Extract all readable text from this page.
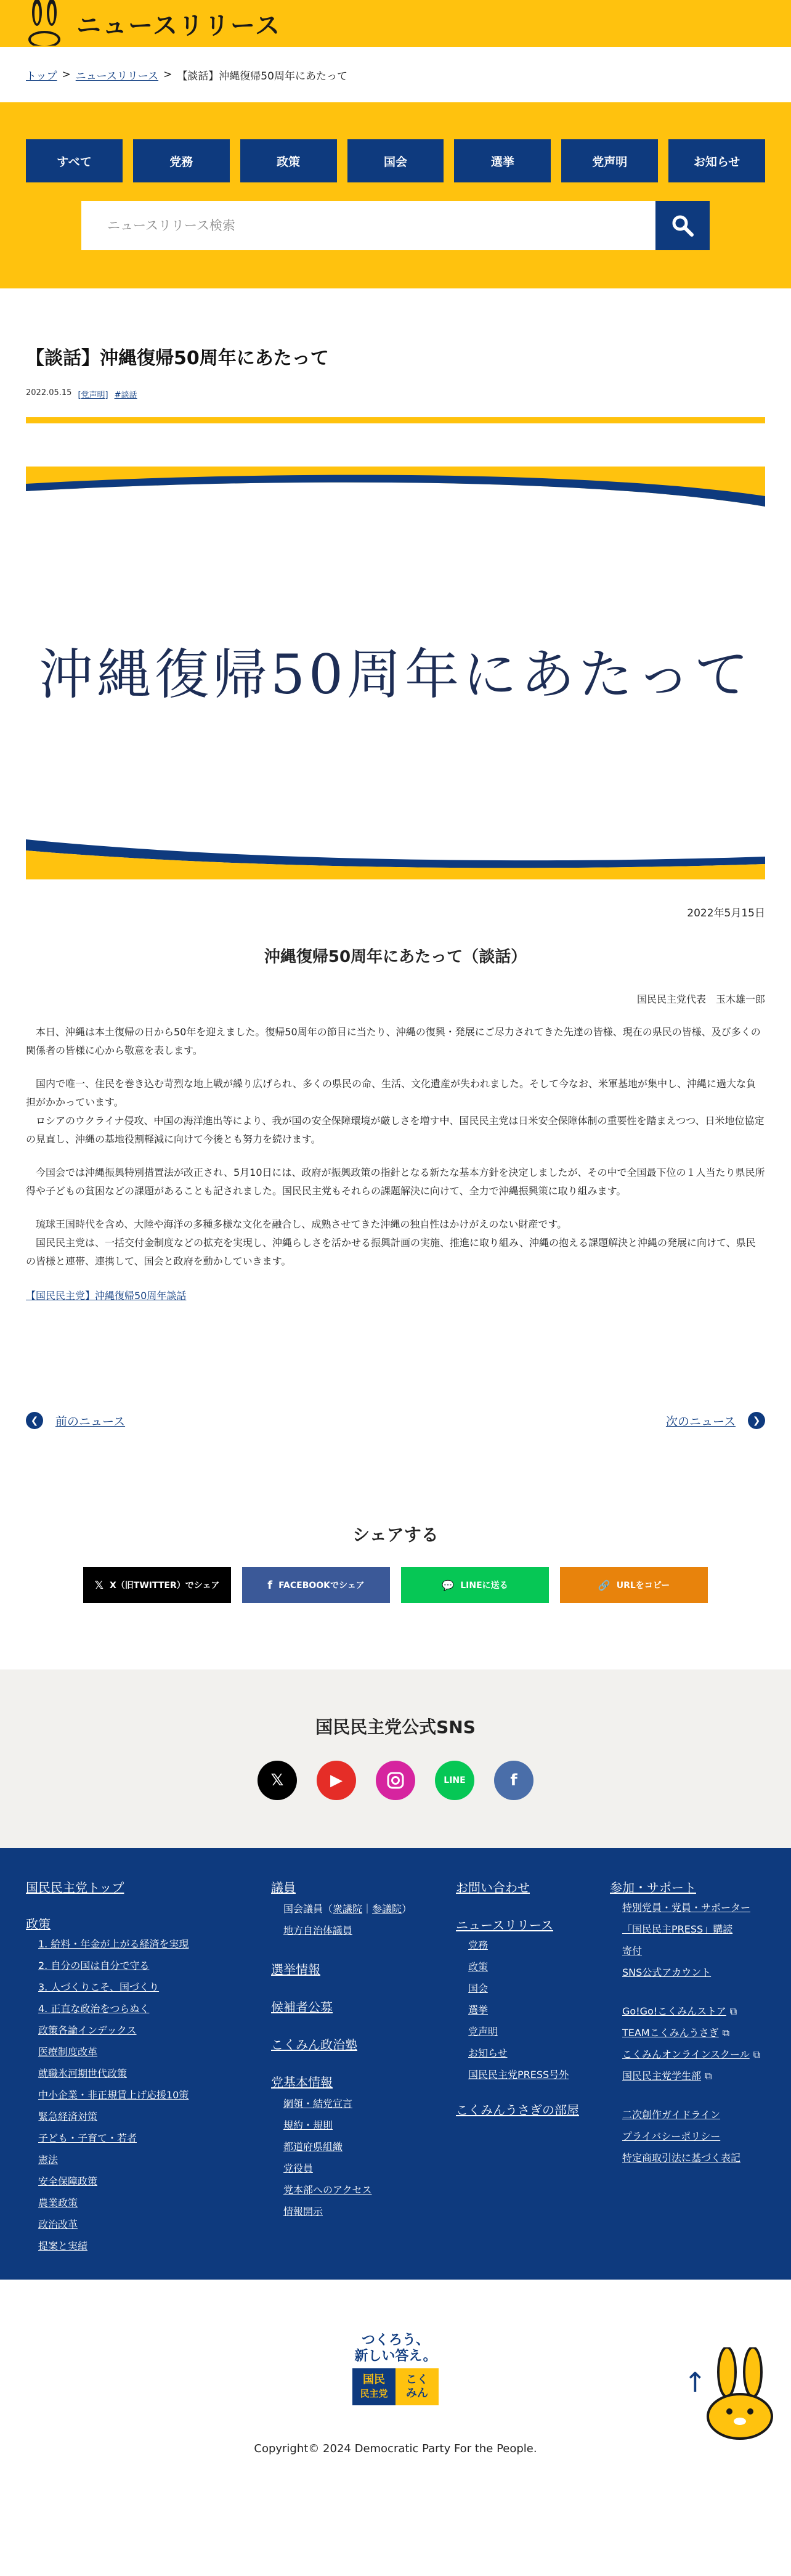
ニュースリリース
トップ > ニュースリリース > 【談話】沖縄復帰50周年にあたって
すべて	党務	政策	国会	選挙	党声明	お知らせ
ニュースリリース検索
【談話】沖縄復帰50周年にあたって
2022.05.15 [党声明] #談話
沖縄復帰50周年にあたって
2022年5月15日
沖縄復帰50周年にあたって（談話）
国民民主党代表　玉木雄一郎

　本日、沖縄は本土復帰の日から50年を迎えました。復帰50周年の節目に当たり、沖縄の復興・発展にご尽力されてきた先達の皆様、現在の県民の皆様、及び多くの関係者の皆様に心から敬意を表します。

　国内で唯一、住民を巻き込む苛烈な地上戦が繰り広げられ、多くの県民の命、生活、文化遺産が失われました。そして今なお、米軍基地が集中し、沖縄に過大な負担がかかっています。
　ロシアのウクライナ侵攻、中国の海洋進出等により、我が国の安全保障環境が厳しさを増す中、国民民主党は日米安全保障体制の重要性を踏まえつつ、日米地位協定の見直し、沖縄の基地役割軽減に向けて今後とも努力を続けます。

　今国会では沖縄振興特別措置法が改正され、5月10日には、政府が振興政策の指針となる新たな基本方針を決定しましたが、その中で全国最下位の１人当たり県民所得や子どもの貧困などの課題があることも記されました。国民民主党もそれらの課題解決に向けて、全力で沖縄振興策に取り組みます。

　琉球王国時代を含め、大陸や海洋の多種多様な文化を融合し、成熟させてきた沖縄の独自性はかけがえのない財産です。
　国民民主党は、一括交付金制度などの拡充を実現し、沖縄らしさを活かせる振興計画の実施、推進に取り組み、沖縄の抱える課題解決と沖縄の発展に向けて、県民の皆様と連帯、連携して、国会と政府を動かしていきます。

【国民民主党】沖縄復帰50周年談話
❮	前のニュース	次のニュース	❯
シェアする
𝕏 X（旧TWITTER）でシェア	f FACEBOOKでシェア	💬 LINEに送る	🔗 URLをコピー
国民民主党公式SNS
𝕏	▶	LINE	f
国民民主党トップ
政策
1. 給料・年金が上がる経済を実現
2. 自分の国は自分で守る
3. 人づくりこそ、国づくり
4. 正直な政治をつらぬく
政策各論インデックス
医療制度改革
就職氷河期世代政策
中小企業・非正規賃上げ応援10策
緊急経済対策
子ども・子育て・若者
憲法
安全保障政策
農業政策
政治改革
提案と実績
議員
国会議員（衆議院｜参議院）
地方自治体議員
選挙情報
候補者公募
こくみん政治塾
党基本情報
綱領・結党宣言
規約・規則
都道府県組織
党役員
党本部へのアクセス
情報開示
お問い合わせ
ニュースリリース
党務
政策
国会
選挙
党声明
お知らせ
国民民主党PRESS号外
こくみんうさぎの部屋
参加・サポート
特別党員・党員・サポーター
「国民民主PRESS」購読
寄付
SNS公式アカウント
Go!Go!こくみんストア⧉
TEAMこくみんうさぎ⧉
こくみんオンラインスクール⧉
国民民主党学生部⧉
二次創作ガイドライン
プライバシーポリシー
特定商取引法に基づく表記
つくろう、
新しい答え。
国民
民主党
こく
みん	↑
Copyright© 2024 Democratic Party For the People.
